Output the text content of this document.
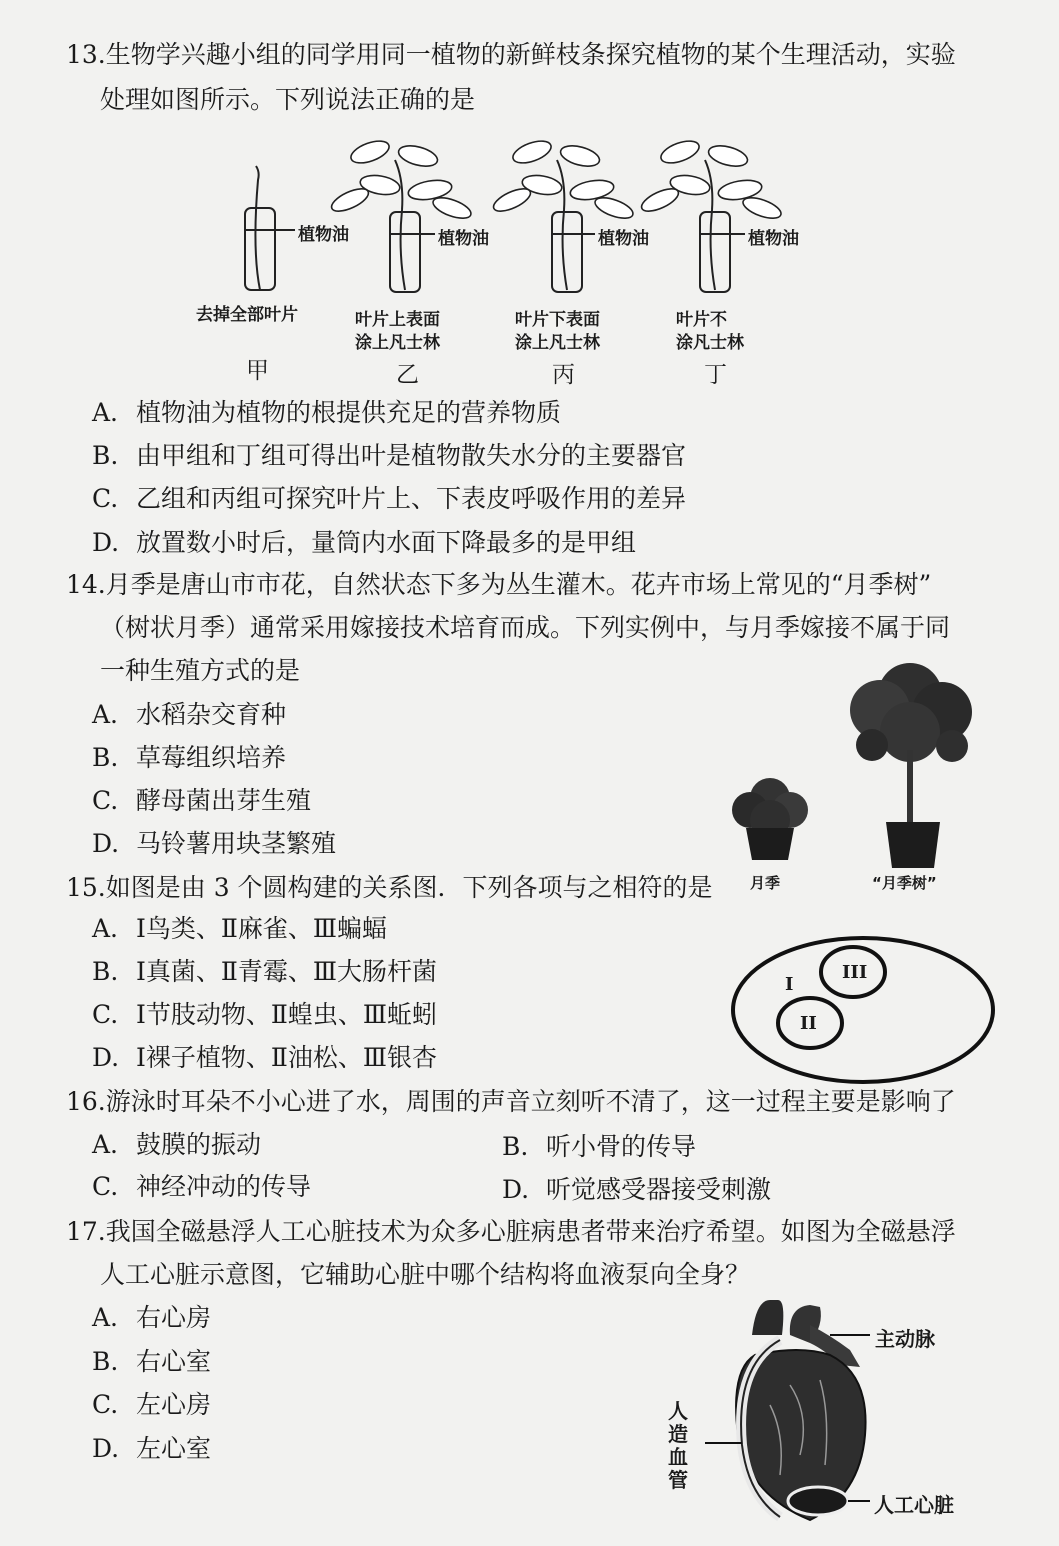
13.生物学兴趣小组的同学用同一植物的新鲜枝条探究植物的某个生理活动，实验
处理如图所示。下列说法正确的是
植物油	植物油	植物油	植物油
去掉全部叶片	叶片上表面
涂上凡士林
叶片下表面
涂上凡士林
叶片不
涂凡士林
甲	乙	丙	丁
A. 植物油为植物的根提供充足的营养物质
B. 由甲组和丁组可得出叶是植物散失水分的主要器官
C. 乙组和丙组可探究叶片上、下表皮呼吸作用的差异
D. 放置数小时后，量筒内水面下降最多的是甲组
14.月季是唐山市市花，自然状态下多为丛生灌木。花卉市场上常见的“月季树”
（树状月季）通常采用嫁接技术培育而成。下列实例中，与月季嫁接不属于同
一种生殖方式的是
A. 水稻杂交育种
B. 草莓组织培养
C. 酵母菌出芽生殖
D. 马铃薯用块茎繁殖
月季	“月季树”
15.如图是由 3 个圆构建的关系图．下列各项与之相符的是
A. Ⅰ鸟类、Ⅱ麻雀、Ⅲ蝙蝠
B. Ⅰ真菌、Ⅱ青霉、Ⅲ大肠杆菌
C. Ⅰ节肢动物、Ⅱ蝗虫、Ⅲ蚯蚓
D. Ⅰ裸子植物、Ⅱ油松、Ⅲ银杏
I
III
II
16.游泳时耳朵不小心进了水，周围的声音立刻听不清了，这一过程主要是影响了
A. 鼓膜的振动	B. 听小骨的传导
C. 神经冲动的传导	D. 听觉感受器接受刺激
17.我国全磁悬浮人工心脏技术为众多心脏病患者带来治疗希望。如图为全磁悬浮
人工心脏示意图，它辅助心脏中哪个结构将血液泵向全身？
A. 右心房
B. 右心室
C. 左心房
D. 左心室
主动脉
人造血管
人工心脏
